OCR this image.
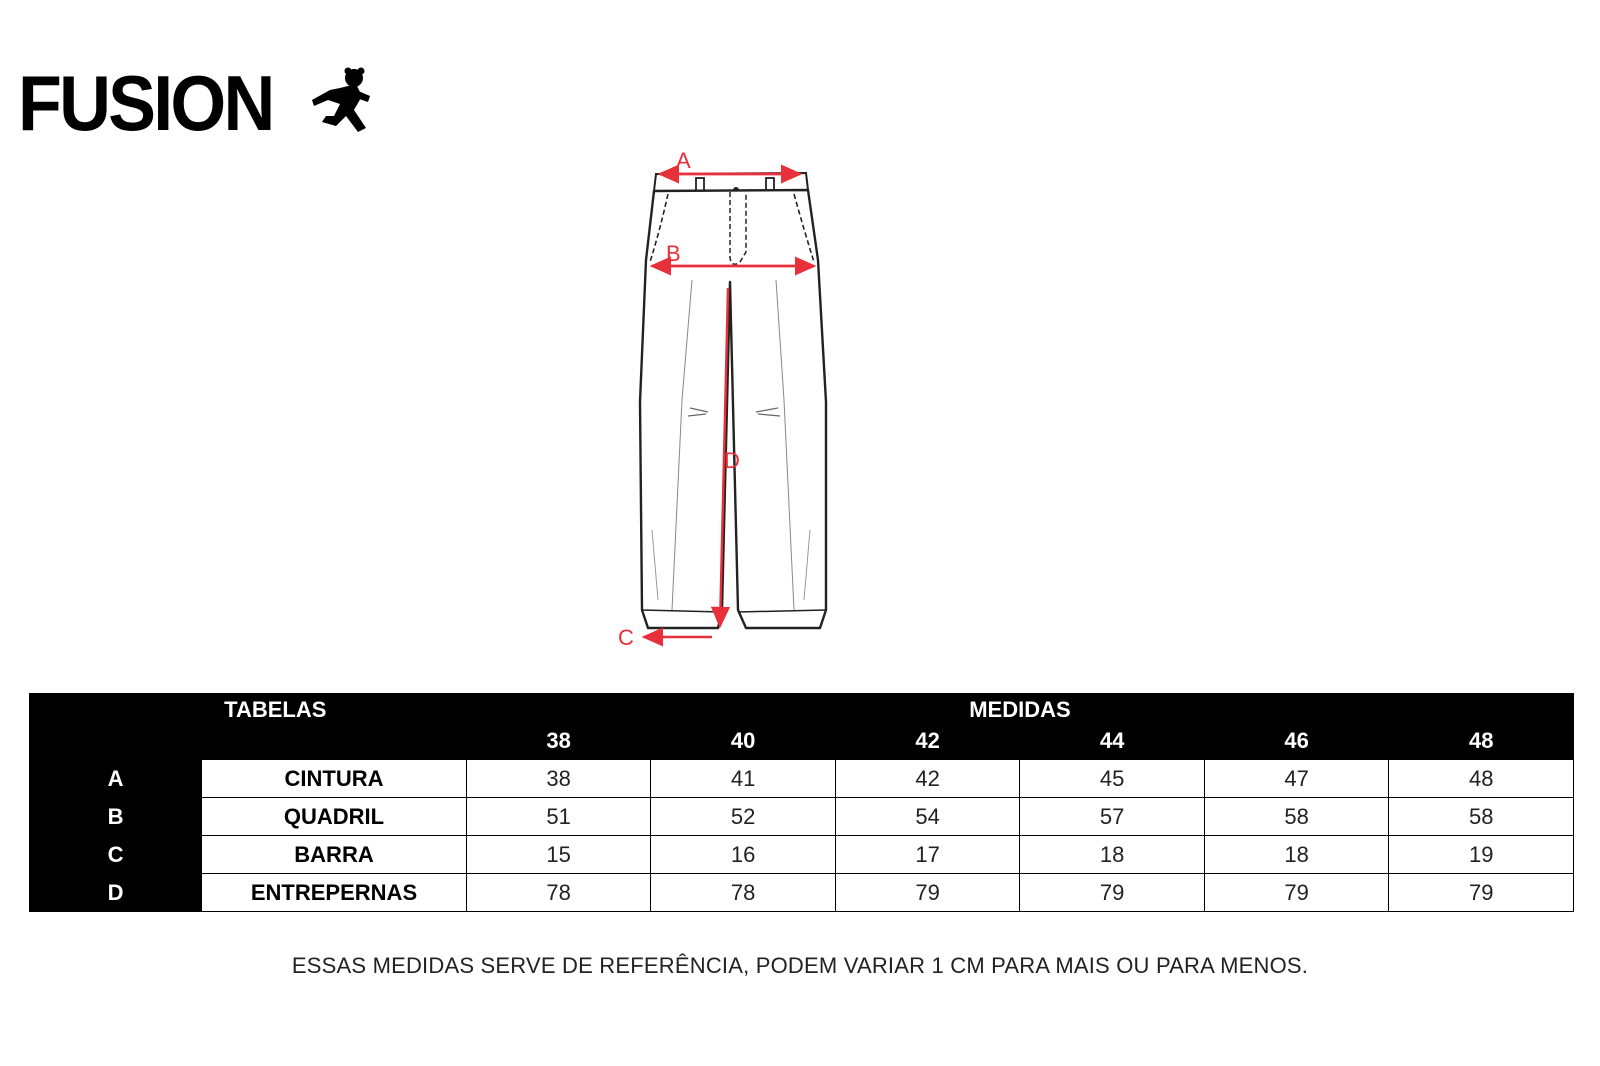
FUSION
A
B
D
C
TABELAS		MEDIDAS					
		38	40	42	44	46	48
A	CINTURA	38	41	42	45	47	48
B	QUADRIL	51	52	54	57	58	58
C	BARRA	15	16	17	18	18	19
D	ENTREPERNAS	78	78	79	79	79	79
ESSAS MEDIDAS SERVE DE REFERÊNCIA, PODEM VARIAR 1 CM PARA MAIS OU PARA MENOS.
